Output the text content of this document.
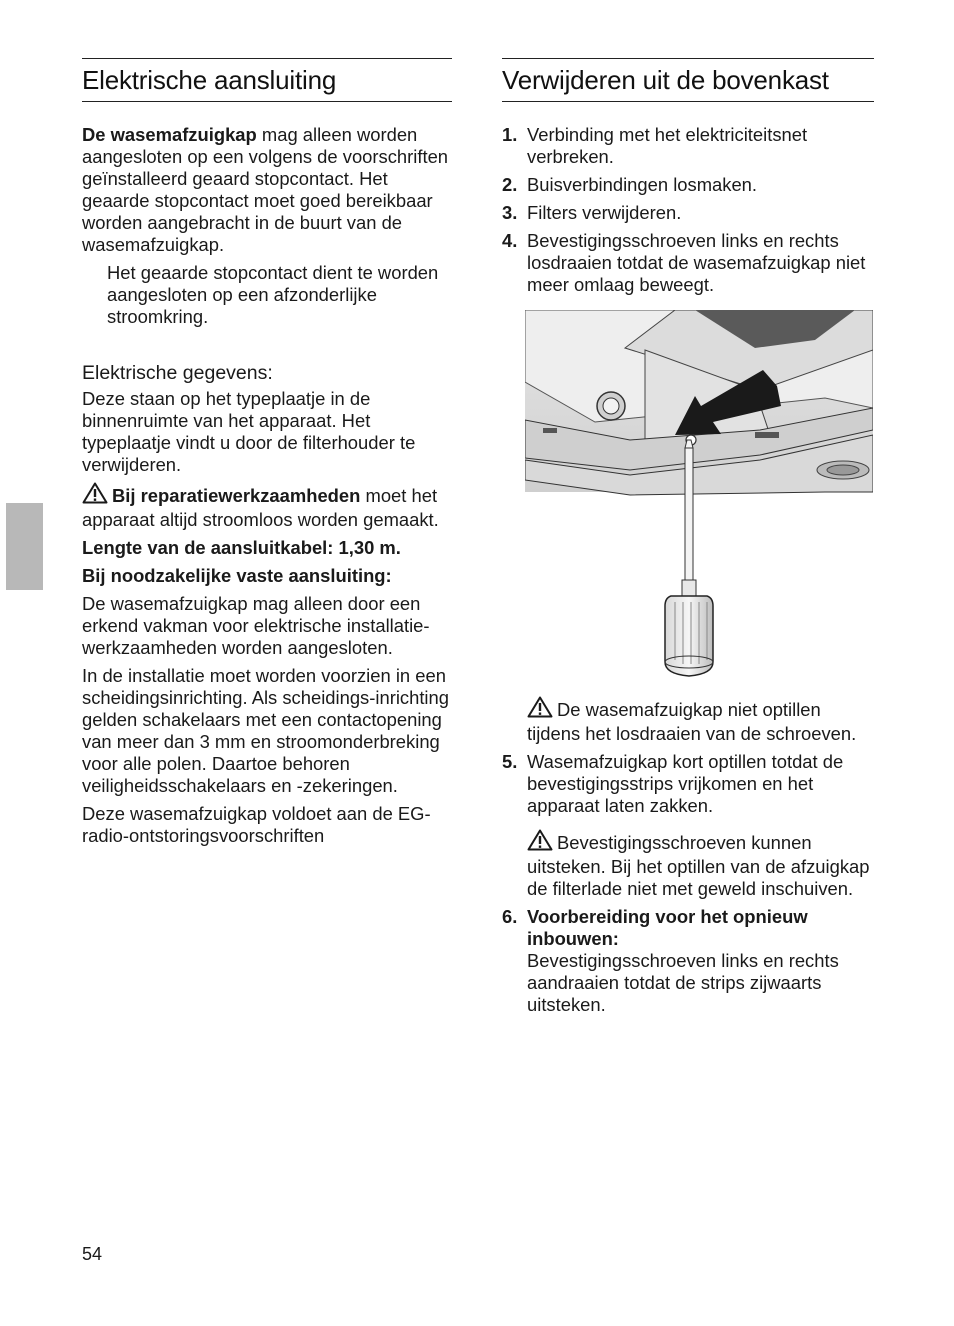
Elektrische aansluiting

De wasemafzuigkap mag alleen worden aangesloten op een volgens de voorschriften geïnstalleerd geaard stopcontact. Het geaarde stopcontact moet goed bereikbaar worden aangebracht in de buurt van de wasemafzuigkap.

Het geaarde stopcontact dient te worden aangesloten op een afzonderlijke stroomkring.

Elektrische gegevens:

Deze staan op het typeplaatje in de binnenruimte van het apparaat. Het typeplaatje vindt u door de filterhouder te verwijderen.

Bij reparatiewerkzaamheden moet het apparaat altijd stroomloos worden gemaakt.

Lengte van de aansluitkabel: 1,30 m.

Bij noodzakelijke vaste aansluiting:

De wasemafzuigkap mag alleen door een erkend vakman voor elektrische installatie-werkzaamheden worden aangesloten.

In de installatie moet worden voorzien in een scheidingsinrichting. Als scheidings-inrichting gelden schakelaars met een contactopening van meer dan 3 mm en stroomonderbreking voor alle polen. Daartoe behoren veiligheidsschakelaars en -zekeringen.

Deze wasemafzuigkap voldoet aan de EG-radio-ontstoringsvoorschriften

Verwijderen uit de bovenkast
1. Verbinding met het elektriciteitsnet verbreken.
2. Buisverbindingen losmaken.
3. Filters verwijderen.
4. Bevestigingsschroeven links en rechts losdraaien totdat de wasemafzuigkap niet meer omlaag beweegt.

De wasemafzuigkap niet optillen tijdens het losdraaien van de schroeven.

5. Wasemafzuigkap kort optillen totdat de bevestigingsstrips vrijkomen en het apparaat laten zakken.

Bevestigingsschroeven kunnen uitsteken. Bij het optillen van de afzuigkap de filterlade niet met geweld inschuiven.

6. Voorbereiding voor het opnieuw inbouwen:
Bevestigingsschroeven links en rechts aandraaien totdat de strips zijwaarts uitsteken.
54
